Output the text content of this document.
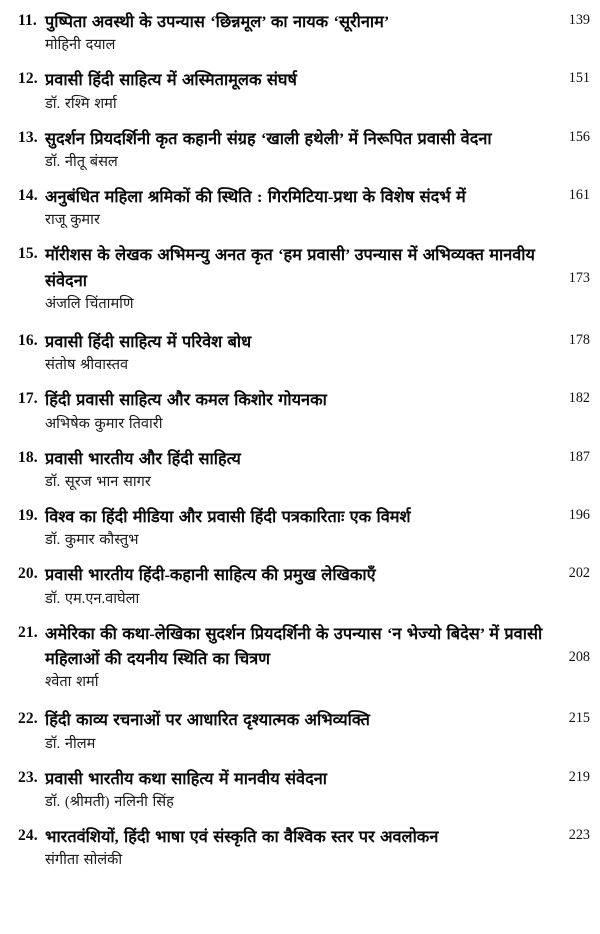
11. पुष्पिता अवस्थी के उपन्यास ‘छिन्नमूल’ का नायक ‘सूरीनाम’	139
मोहिनी दयाल
12. प्रवासी हिंदी साहित्य में अस्मितामूलक संघर्ष	151
डॉ. रश्मि शर्मा
13. सुदर्शन प्रियदर्शिनी कृत कहानी संग्रह ‘खाली हथेली’ में निरूपित प्रवासी वेदना	156
डॉ. नीतू बंसल
14. अनुबंधित महिला श्रमिकों की स्थिति : गिरमिटिया-प्रथा के विशेष संदर्भ में	161
राजू कुमार
15. मॉरीशस के लेखक अभिमन्यु अनत कृत ‘हम प्रवासी’ उपन्यास में अभिव्यक्त मानवीय संवेदना	173
अंजलि चिंतामणि
16. प्रवासी हिंदी साहित्य में परिवेश बोध	178
संतोष श्रीवास्तव
17. हिंदी प्रवासी साहित्य और कमल किशोर गोयनका	182
अभिषेक कुमार तिवारी
18. प्रवासी भारतीय और हिंदी साहित्य	187
डॉ. सूरज भान सागर
19. विश्व का हिंदी मीडिया और प्रवासी हिंदी पत्रकारिताः एक विमर्श	196
डॉ. कुमार कौस्तुभ
20. प्रवासी भारतीय हिंदी-कहानी साहित्य की प्रमुख लेखिकाएँ	202
डॉ. एम.एन.वाघेला
21. अमेरिका की कथा-लेखिका सुदर्शन प्रियदर्शिनी के उपन्यास ‘न भेज्यो बिदेस’ में प्रवासी महिलाओं की दयनीय स्थिति का चित्रण	208
श्वेता शर्मा
22. हिंदी काव्य रचनाओं पर आधारित दृश्यात्मक अभिव्यक्ति	215
डॉ. नीलम
23. प्रवासी भारतीय कथा साहित्य में मानवीय संवेदना	219
डॉ. (श्रीमती) नलिनी सिंह
24. भारतवंशियों, हिंदी भाषा एवं संस्कृति का वैश्विक स्तर पर अवलोकन	223
संगीता सोलंकी
